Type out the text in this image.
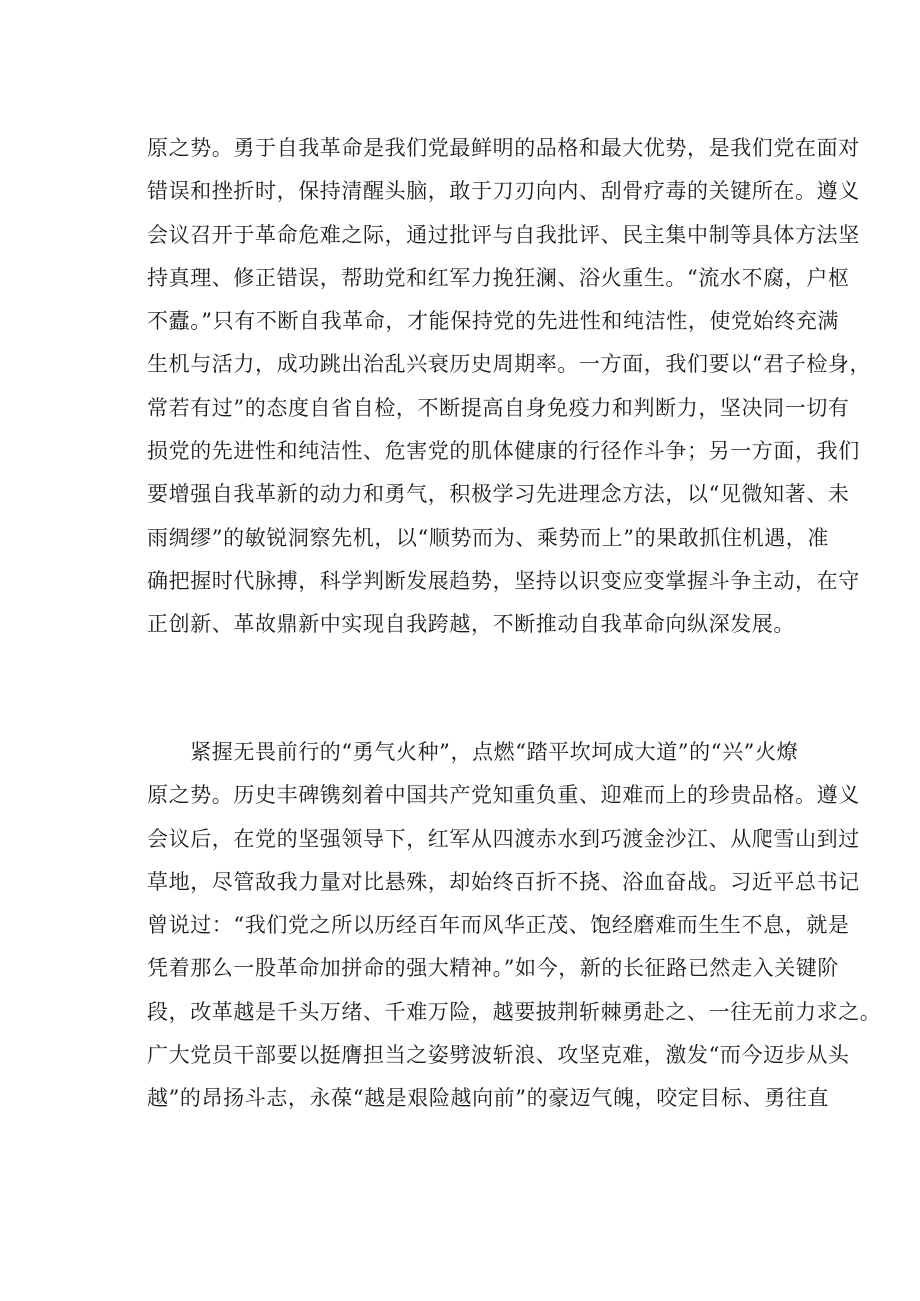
原之势。勇于自我革命是我们党最鲜明的品格和最大优势，是我们党在面对
错误和挫折时，保持清醒头脑，敢于刀刃向内、刮骨疗毒的关键所在。遵义
会议召开于革命危难之际，通过批评与自我批评、民主集中制等具体方法坚
持真理、修正错误，帮助党和红军力挽狂澜、浴火重生。“流水不腐，户枢
不蠹。”只有不断自我革命，才能保持党的先进性和纯洁性，使党始终充满
生机与活力，成功跳出治乱兴衰历史周期率。一方面，我们要以“君子检身，
常若有过”的态度自省自检，不断提高自身免疫力和判断力，坚决同一切有
损党的先进性和纯洁性、危害党的肌体健康的行径作斗争；另一方面，我们
要增强自我革新的动力和勇气，积极学习先进理念方法，以“见微知著、未
雨绸缪”的敏锐洞察先机，以“顺势而为、乘势而上”的果敢抓住机遇，准
确把握时代脉搏，科学判断发展趋势，坚持以识变应变掌握斗争主动，在守
正创新、革故鼎新中实现自我跨越，不断推动自我革命向纵深发展。
　　紧握无畏前行的“勇气火种”，点燃“踏平坎坷成大道”的“兴”火燎
原之势。历史丰碑镌刻着中国共产党知重负重、迎难而上的珍贵品格。遵义
会议后，在党的坚强领导下，红军从四渡赤水到巧渡金沙江、从爬雪山到过
草地，尽管敌我力量对比悬殊，却始终百折不挠、浴血奋战。习近平总书记
曾说过：“我们党之所以历经百年而风华正茂、饱经磨难而生生不息，就是
凭着那么一股革命加拼命的强大精神。”如今，新的长征路已然走入关键阶
段，改革越是千头万绪、千难万险，越要披荆斩棘勇赴之、一往无前力求之。
广大党员干部要以挺膺担当之姿劈波斩浪、攻坚克难，激发“而今迈步从头
越”的昂扬斗志，永葆“越是艰险越向前”的豪迈气魄，咬定目标、勇往直
